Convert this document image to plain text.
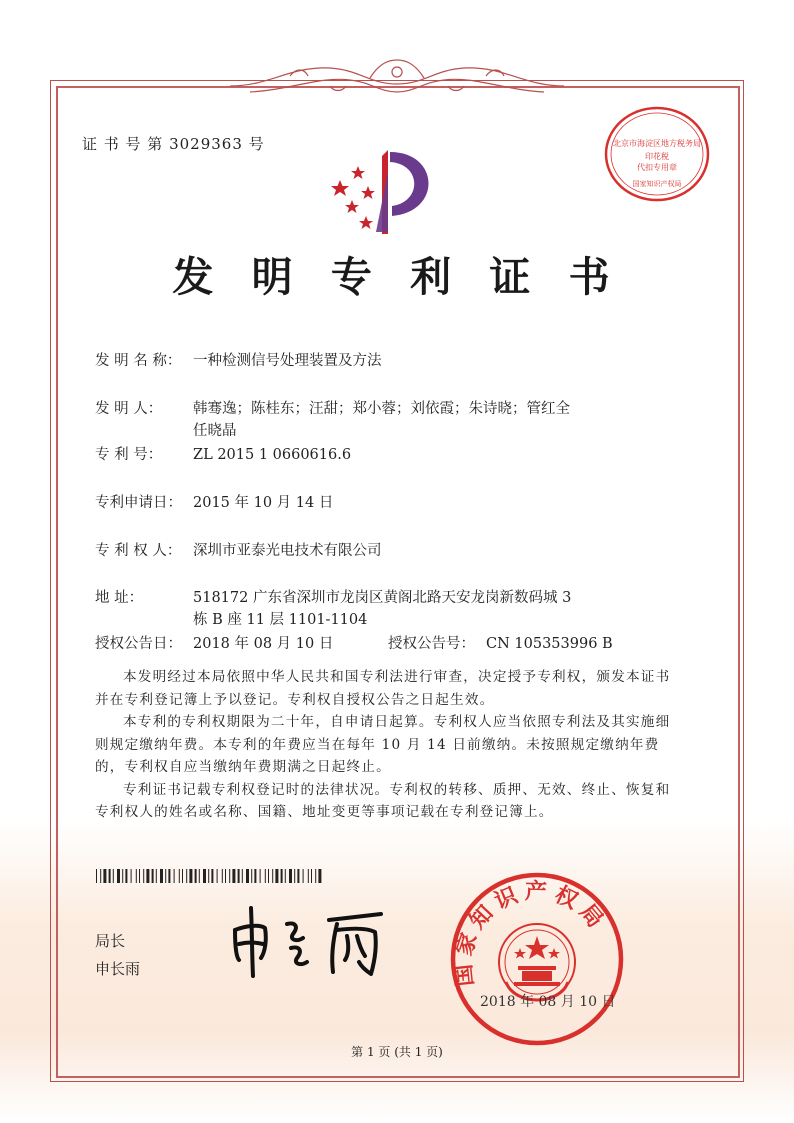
证 书 号 第 3029363 号	北京市海淀区地方税务局
印花税
代扣专用章
国家知识产权局
发 明 专 利 证 书
发 明 名 称： 一种检测信号处理装置及方法
发 明 人： 韩骞逸；陈桂东；汪甜；郑小蓉；刘依霞；朱诗晓；管红全
任晓晶
专 利 号： ZL 2015 1 0660616.6
专利申请日： 2015 年 10 月 14 日
专 利 权 人： 深圳市亚泰光电技术有限公司
地 址：	518172 广东省深圳市龙岗区黄阁北路天安龙岗新数码城 3
栋 B 座 11 层 1101-1104
授权公告日： 2018 年 08 月 10 日	授权公告号： CN 105353996 B

本发明经过本局依照中华人民共和国专利法进行审查，决定授予专利权，颁发本证书并在专利登记簿上予以登记。专利权自授权公告之日起生效。

本专利的专利权期限为二十年，自申请日起算。专利权人应当依照专利法及其实施细则规定缴纳年费。本专利的年费应当在每年 10 月 14 日前缴纳。未按照规定缴纳年费的，专利权自应当缴纳年费期满之日起终止。

专利证书记载专利权登记时的法律状况。专利权的转移、质押、无效、终止、恢复和专利权人的姓名或名称、国籍、地址变更等事项记载在专利登记簿上。

局长
申长雨	国家知识产权局
2018 年 08 月 10 日
第 1 页 (共 1 页)
